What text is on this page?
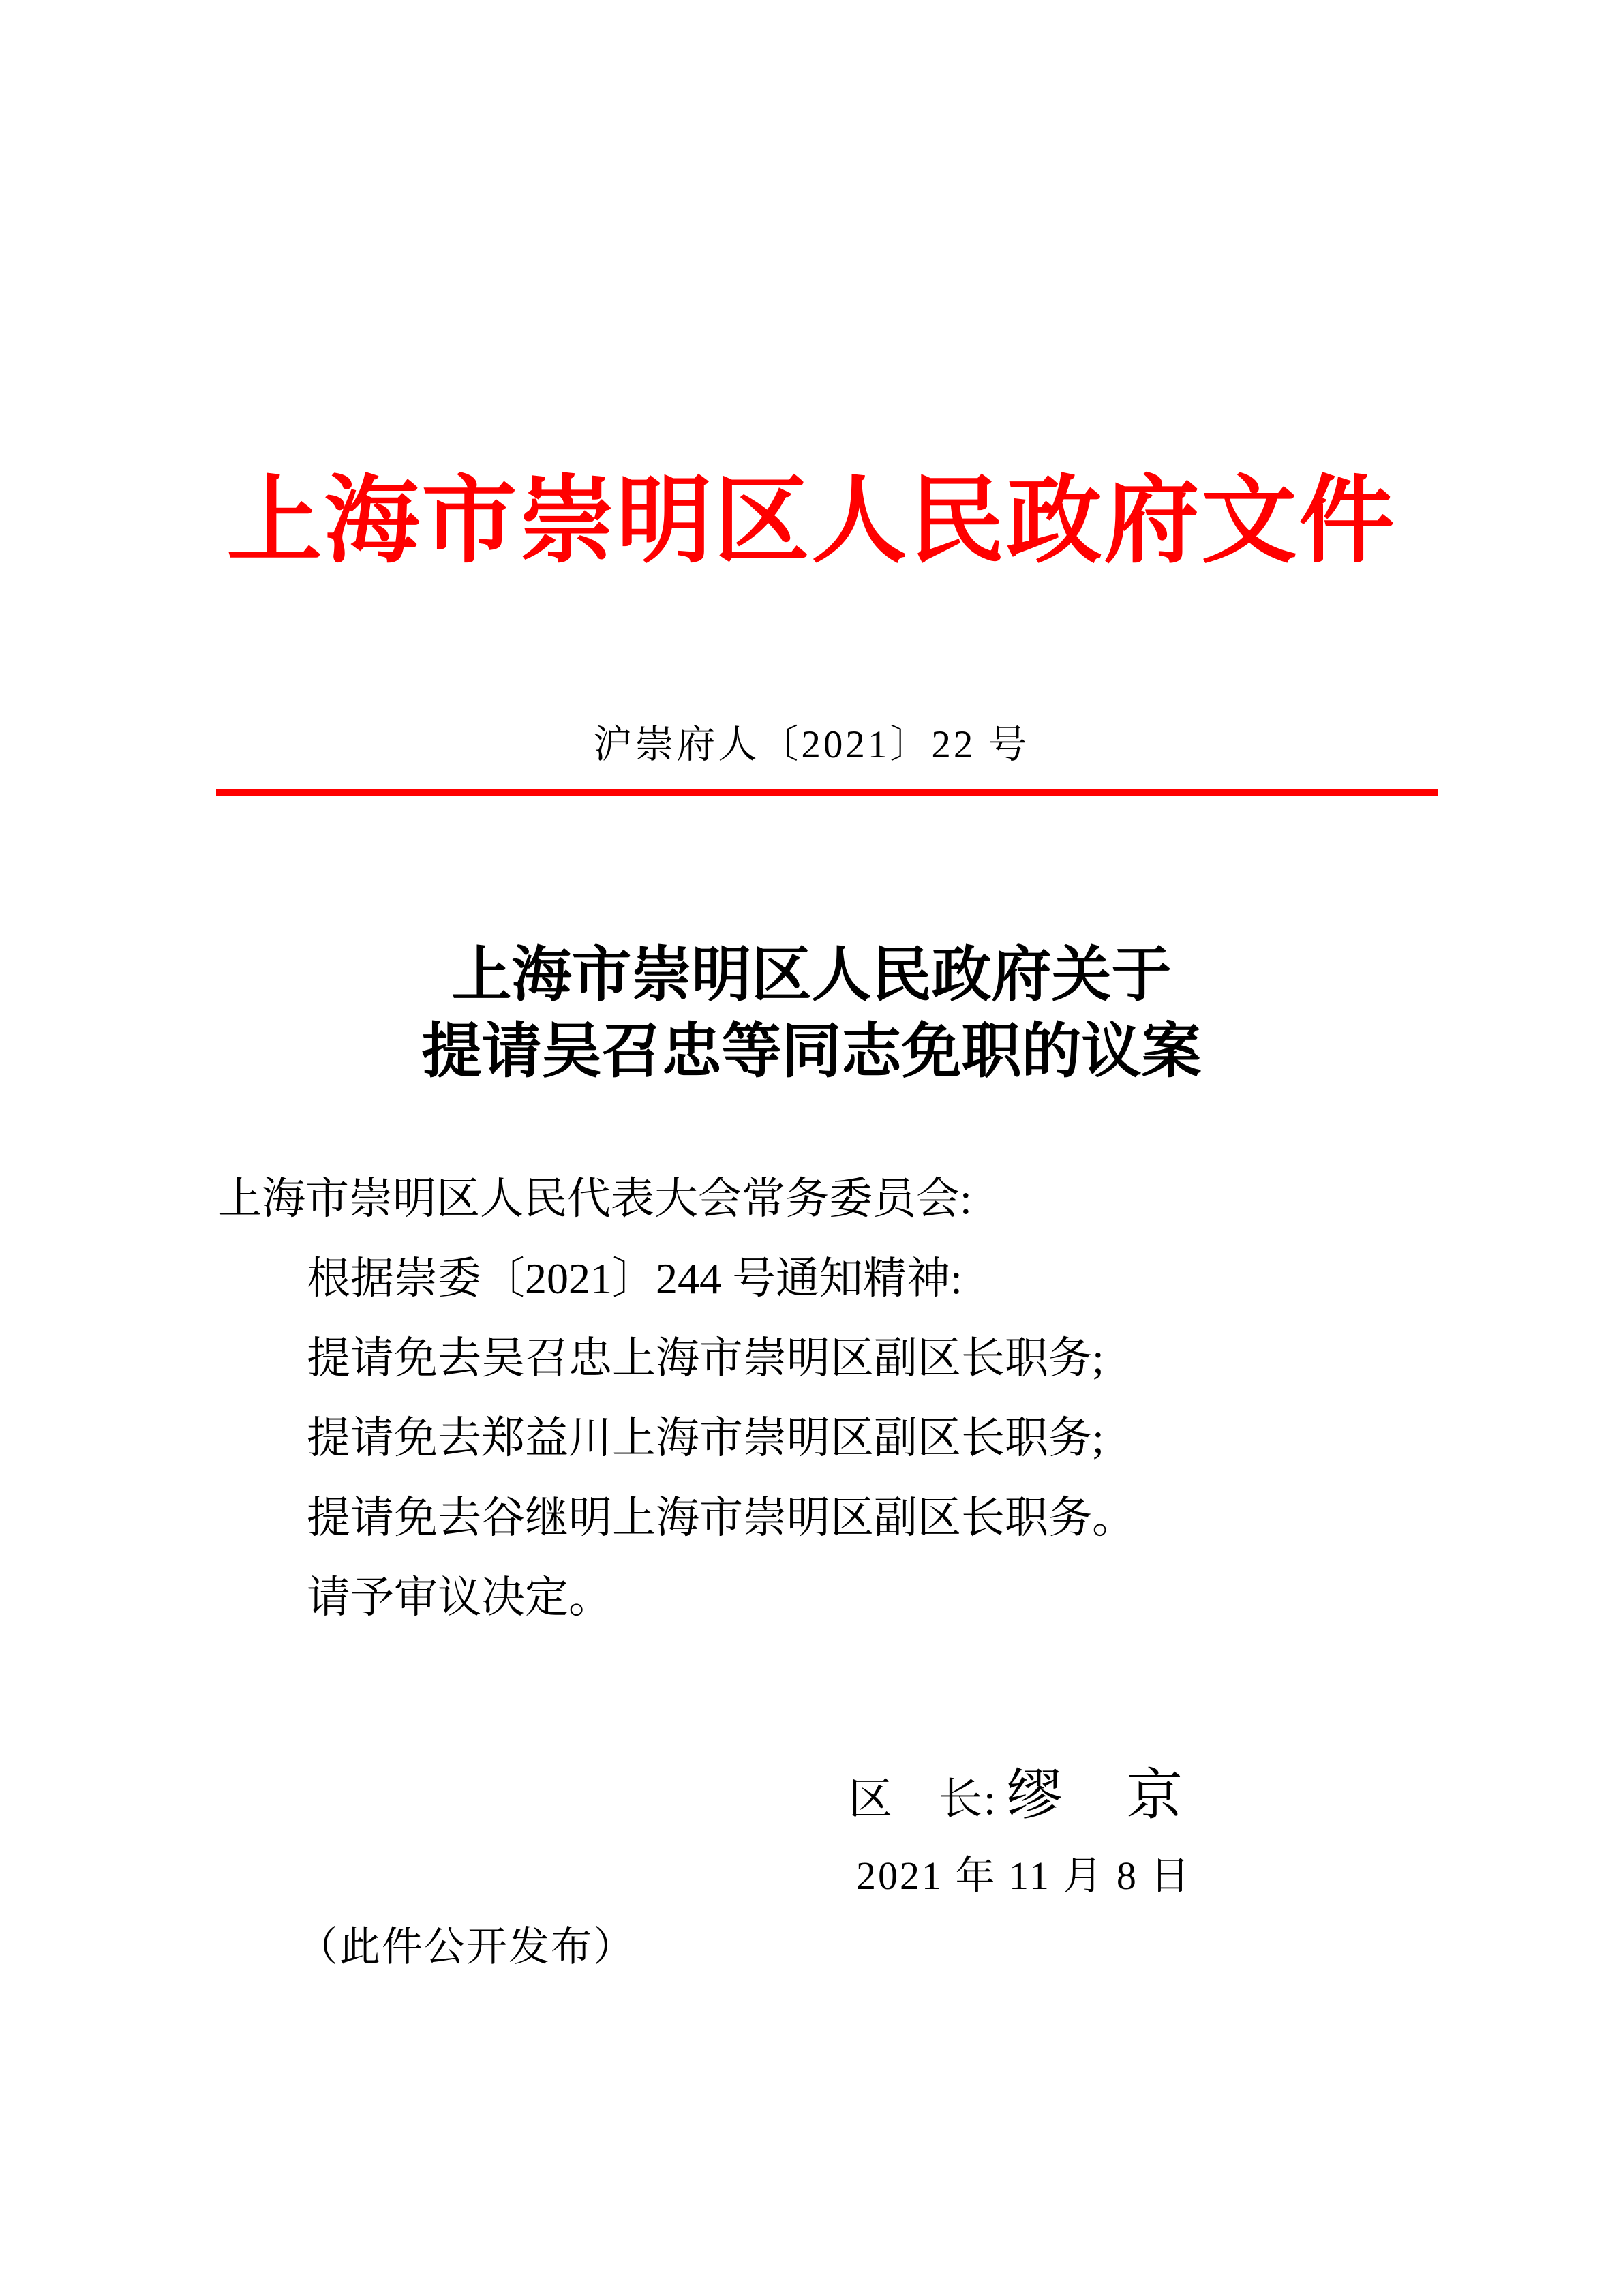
上海市崇明区人民政府文件
沪崇府人〔2021〕22 号
上海市崇明区人民政府关于
提请吴召忠等同志免职的议案
上海市崇明区人民代表大会常务委员会:
根据崇委〔2021〕244 号通知精神:
提请免去吴召忠上海市崇明区副区长职务;
提请免去郑益川上海市崇明区副区长职务;
提请免去谷继明上海市崇明区副区长职务。
请予审议决定。
区　长: 缪　京
2021 年 11 月 8 日
（此件公开发布）
